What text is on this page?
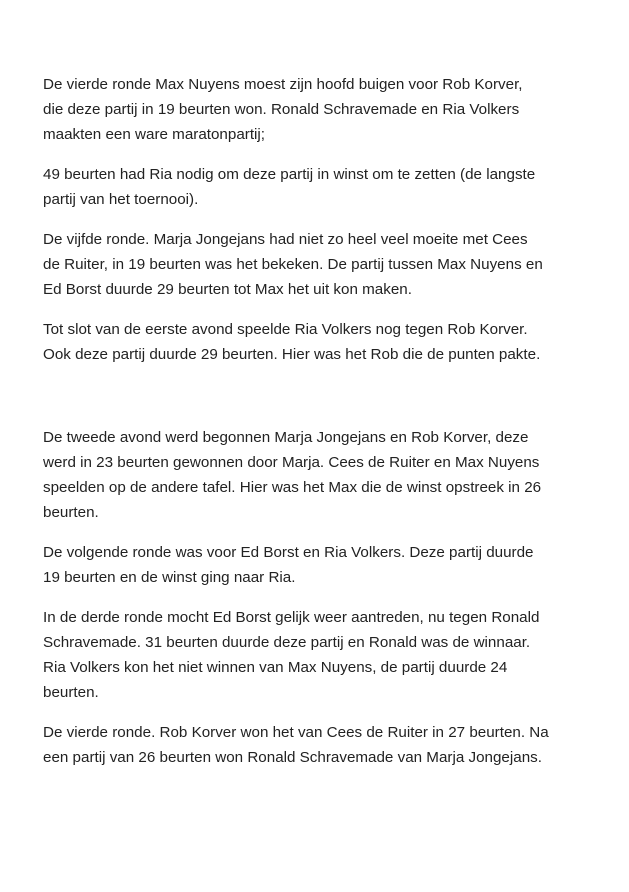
De vierde ronde Max Nuyens moest zijn hoofd buigen voor Rob Korver,
die deze partij in 19 beurten won. Ronald Schravemade en Ria Volkers
maakten een ware maratonpartij;

49 beurten had Ria nodig om deze partij in winst om te zetten (de langste
partij van het toernooi).

De vijfde ronde. Marja Jongejans had niet zo heel veel moeite met Cees
de Ruiter, in 19 beurten was het bekeken. De partij tussen Max Nuyens en
Ed Borst duurde 29 beurten tot Max het uit kon maken.

Tot slot van de eerste avond speelde Ria Volkers nog tegen Rob Korver.
Ook deze partij duurde 29 beurten. Hier was het Rob die de punten pakte.

De tweede avond werd begonnen Marja Jongejans en Rob Korver, deze
werd in 23 beurten gewonnen door Marja. Cees de Ruiter en Max Nuyens
speelden op de andere tafel. Hier was het Max die de winst opstreek in 26
beurten.

De volgende ronde was voor Ed Borst en Ria Volkers. Deze partij duurde
19 beurten en de winst ging naar Ria.

In de derde ronde mocht Ed Borst gelijk weer aantreden, nu tegen Ronald
Schravemade. 31 beurten duurde deze partij en Ronald was de winnaar.
Ria Volkers kon het niet winnen van Max Nuyens, de partij duurde 24
beurten.

De vierde ronde. Rob Korver won het van Cees de Ruiter in 27 beurten. Na
een partij van 26 beurten won Ronald Schravemade van Marja Jongejans.
